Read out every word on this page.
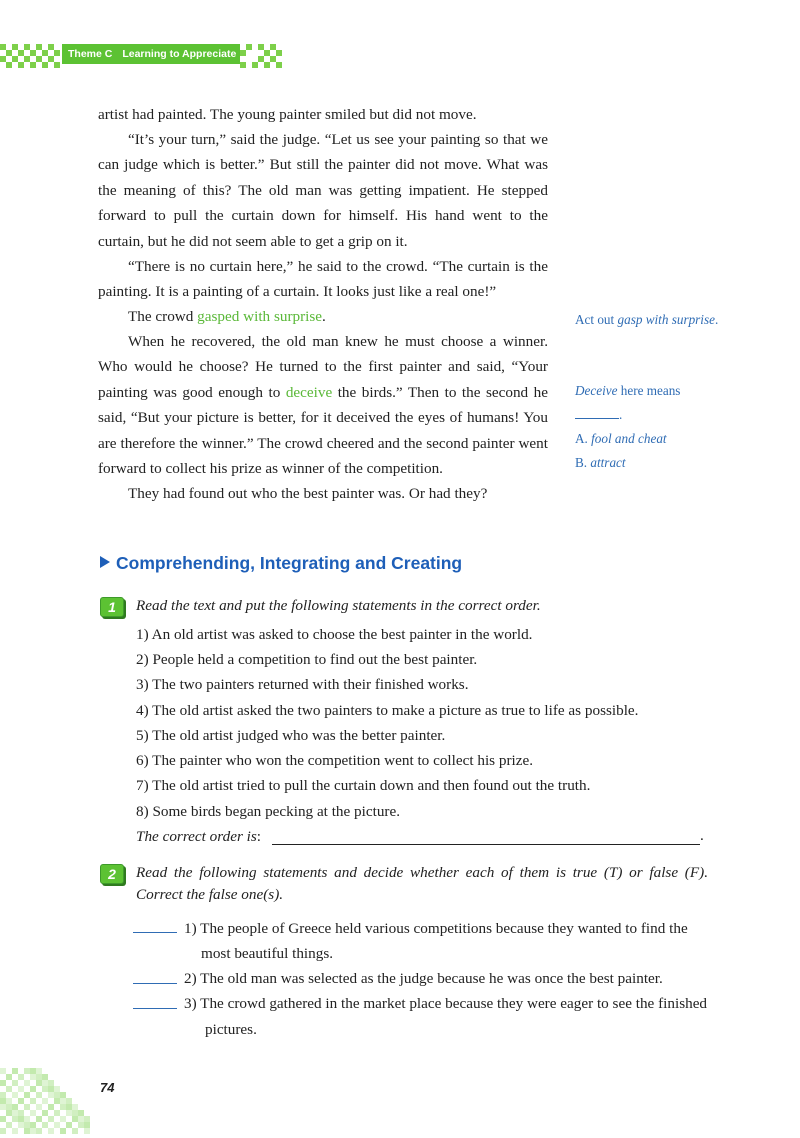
Theme C Learning to Appreciate

artist had painted. The young painter smiled but did not move.

“It’s your turn,” said the judge. “Let us see your painting so that we can judge which is better.” But still the painter did not move. What was the meaning of this? The old man was getting impatient. He stepped forward to pull the curtain down for himself. His hand went to the curtain, but he did not seem able to get a grip on it.

“There is no curtain here,” he said to the crowd. “The curtain is the painting. It is a painting of a curtain. It looks just like a real one!”

The crowd gasped with surprise.

When he recovered, the old man knew he must choose a winner. Who would he choose? He turned to the first painter and said, “Your painting was good enough to deceive the birds.” Then to the second he said, “But your picture is better, for it deceived the eyes of humans! You are therefore the winner.” The crowd cheered and the second painter went forward to collect his prize as winner of the competition.

They had found out who the best painter was. Or had they?

Act out gasp with surprise.
Deceive here means
.
A. fool and cheat
B. attract
Comprehending, Integrating and Creating
1	Read the text and put the following statements in the correct order.
1) An old artist was asked to choose the best painter in the world.
2) People held a competition to find out the best painter.
3) The two painters returned with their finished works.
4) The old artist asked the two painters to make a picture as true to life as possible.
5) The old artist judged who was the better painter.
6) The painter who won the competition went to collect his prize.
7) The old artist tried to pull the curtain down and then found out the truth.
8) Some birds began pecking at the picture.
The correct order is:	.
2	Read the following statements and decide whether each of them is true (T) or false (F). Correct the false one(s).
1) The people of Greece held various competitions because they wanted to find the
most beautiful things.
2) The old man was selected as the judge because he was once the best painter.
3) The crowd gathered in the market place because they were eager to see the finished
pictures.
74
